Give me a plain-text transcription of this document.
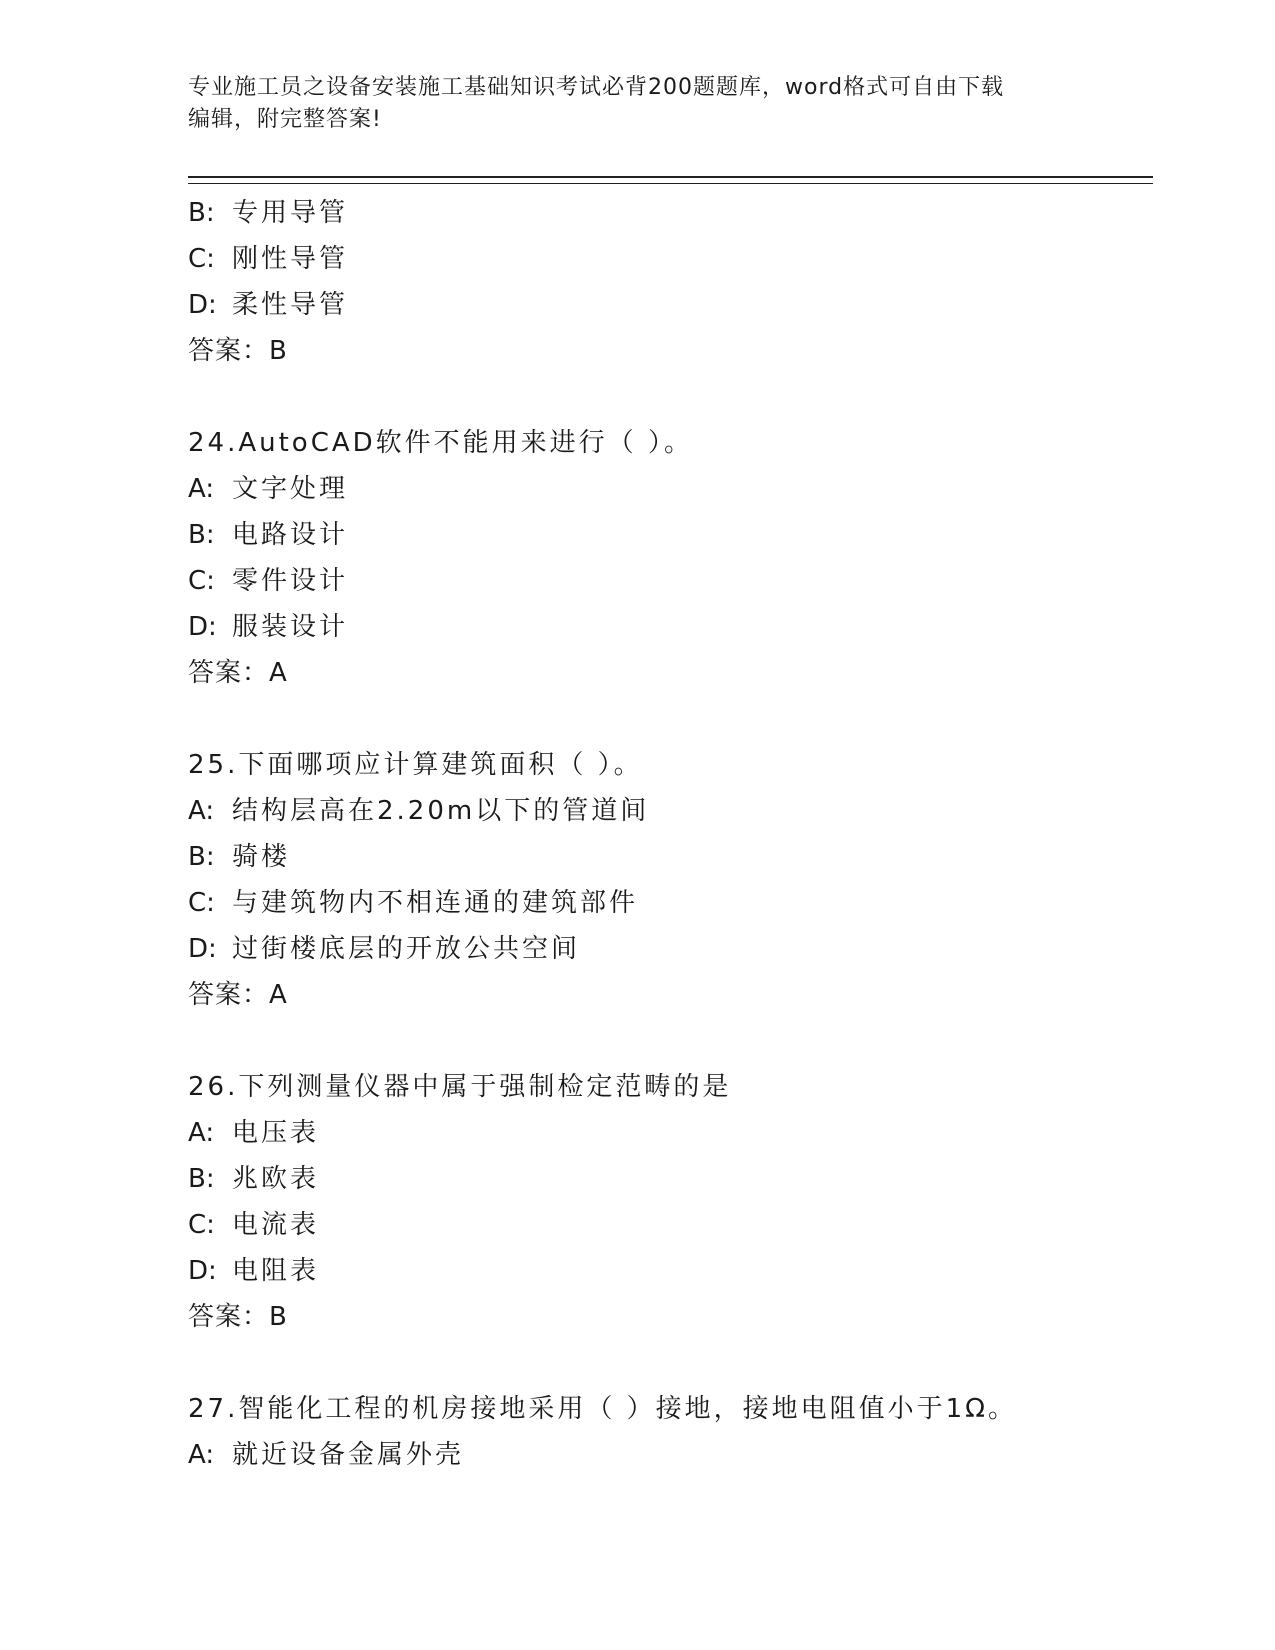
专业施工员之设备安装施工基础知识考试必背200题题库，word格式可自由下载
编辑，附完整答案!
B: 专用导管
C: 刚性导管
D: 柔性导管
答案：B
24.AutoCAD软件不能用来进行（ ）。
A: 文字处理
B: 电路设计
C: 零件设计
D: 服装设计
答案：A
25.下面哪项应计算建筑面积（ ）。
A: 结构层高在2.20m以下的管道间
B: 骑楼
C: 与建筑物内不相连通的建筑部件
D: 过街楼底层的开放公共空间
答案：A
26.下列测量仪器中属于强制检定范畴的是
A: 电压表
B: 兆欧表
C: 电流表
D: 电阻表
答案：B
27.智能化工程的机房接地采用（ ）接地，接地电阻值小于1Ω。
A: 就近设备金属外壳
